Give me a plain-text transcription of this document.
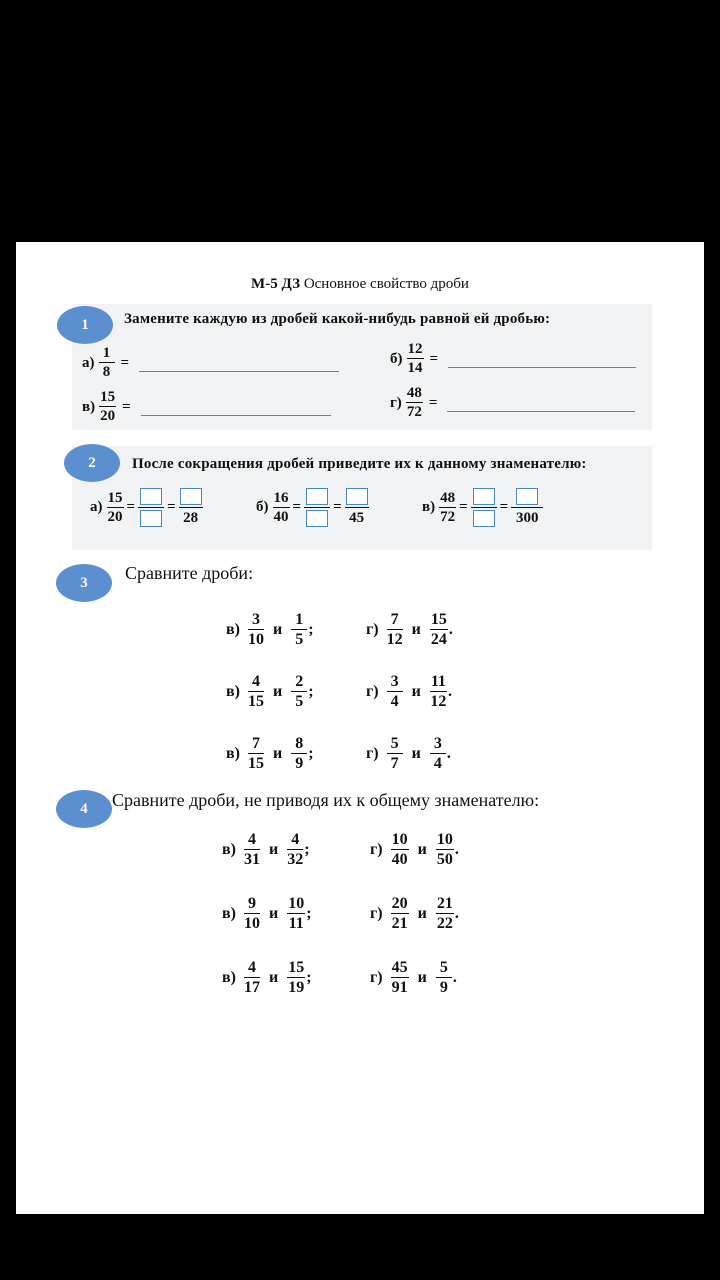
М-5 ДЗ Основное свойство дроби
1	Замените каждую из дробей какой-нибудь равной ей дробью:
$а) \frac{1}{8}$ =	$б) \frac{12}{14}$ =
$в) \frac{15}{20}$ =	$г) \frac{48}{72}$ =
2	После сокращения дробей приведите их к данному знаменателю:
$а) \frac{15}{20}$ = =
28
$б) \frac{16}{40}$ = =
45
$в) \frac{48}{72}$ = =
300
3	Сравните дроби:
4	Сравните дроби, не приводя их к общему знаменателю:
$в) \frac{3}{10}$ и $\frac{1}{5}$ ;	$г) \frac{7}{12}$ и $\frac{15}{24}$ .
$в) \frac{4}{15}$ и $\frac{2}{5}$ ;	$г) \frac{3}{4}$ и $\frac{11}{12}$ .
$в) \frac{7}{15}$ и $\frac{8}{9}$ ;	$г) \frac{5}{7}$ и $\frac{3}{4}$ .
$в) \frac{4}{31}$ и $\frac{4}{32}$ ;	$г) \frac{10}{40}$ и $\frac{10}{50}$ .
$в) \frac{9}{10}$ и $\frac{10}{11}$ ;	$г) \frac{20}{21}$ и $\frac{21}{22}$ .
$в) \frac{4}{17}$ и $\frac{15}{19}$ ;	$г) \frac{45}{91}$ и $\frac{5}{9}$ .
